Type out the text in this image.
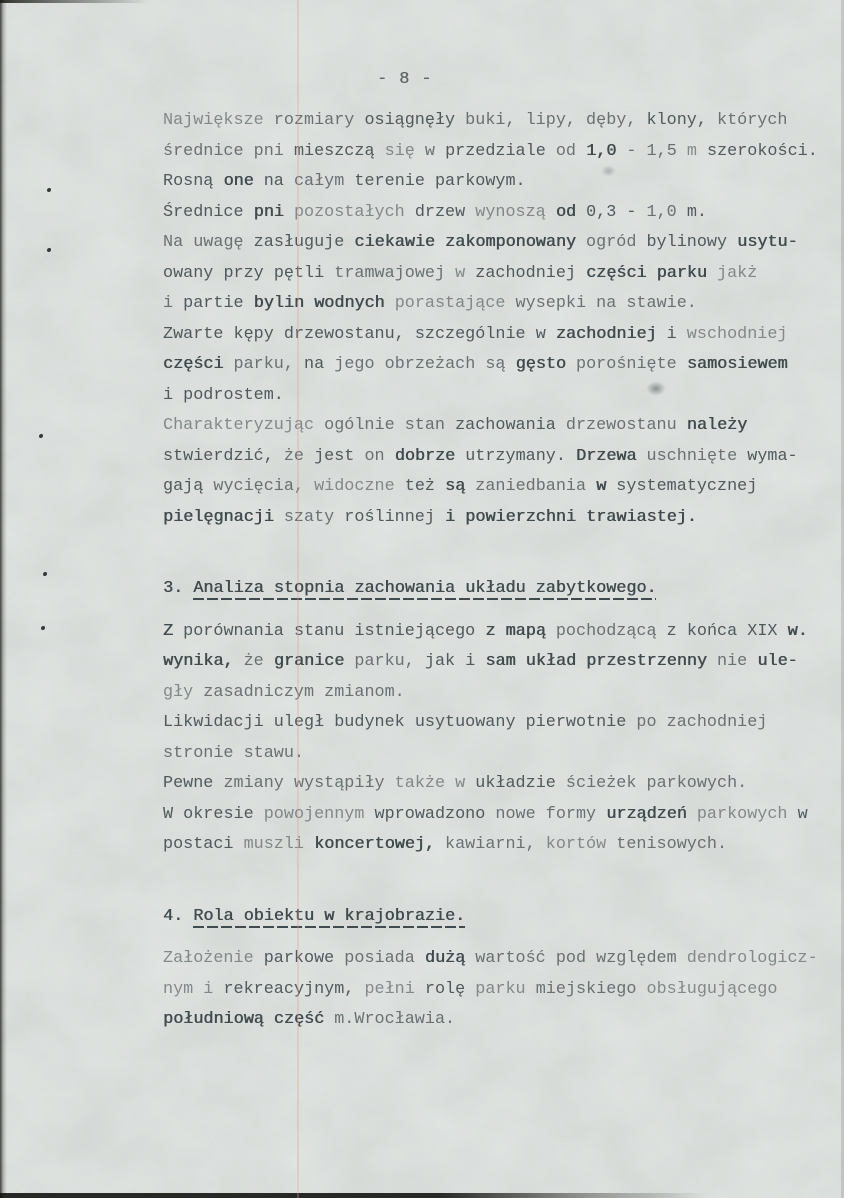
- 8 -
Największe rozmiary osiągnęły buki, lipy, dęby, klony, których
średnice pni mieszczą się w przedziale od 1,0 - 1,5 m szerokości.
Rosną one na całym terenie parkowym.
Średnice pni pozostałych drzew wynoszą od 0,3 - 1,0 m.
Na uwagę zasługuje ciekawie zakomponowany ogród bylinowy usytu-
owany przy pętli tramwajowej w zachodniej części parku jakż
i partie bylin wodnych porastające wysepki na stawie.
Zwarte kępy drzewostanu, szczególnie w zachodniej i wschodniej
części parku, na jego obrzeżach są gęsto porośnięte samosiewem
i podrostem.
Charakteryzując ogólnie stan zachowania drzewostanu należy
stwierdzić, że jest on dobrze utrzymany. Drzewa uschnięte wyma-
gają wycięcia, widoczne też są zaniedbania w systematycznej
pielęgnacji szaty roślinnej i powierzchni trawiastej.
3. Analiza stopnia zachowania układu zabytkowego.
Z porównania stanu istniejącego z mapą pochodzącą z końca XIX w.
wynika, że granice parku, jak i sam układ przestrzenny nie ule-
gły zasadniczym zmianom.
Likwidacji uległ budynek usytuowany pierwotnie po zachodniej
stronie stawu.
Pewne zmiany wystąpiły także w układzie ścieżek parkowych.
W okresie powojennym wprowadzono nowe formy urządzeń parkowych w
postaci muszli koncertowej, kawiarni, kortów tenisowych.
4. Rola obiektu w krajobrazie.
Założenie parkowe posiada dużą wartość pod względem dendrologicz-
nym i rekreacyjnym, pełni rolę parku miejskiego obsługującego
południową część m.Wrocławia.
